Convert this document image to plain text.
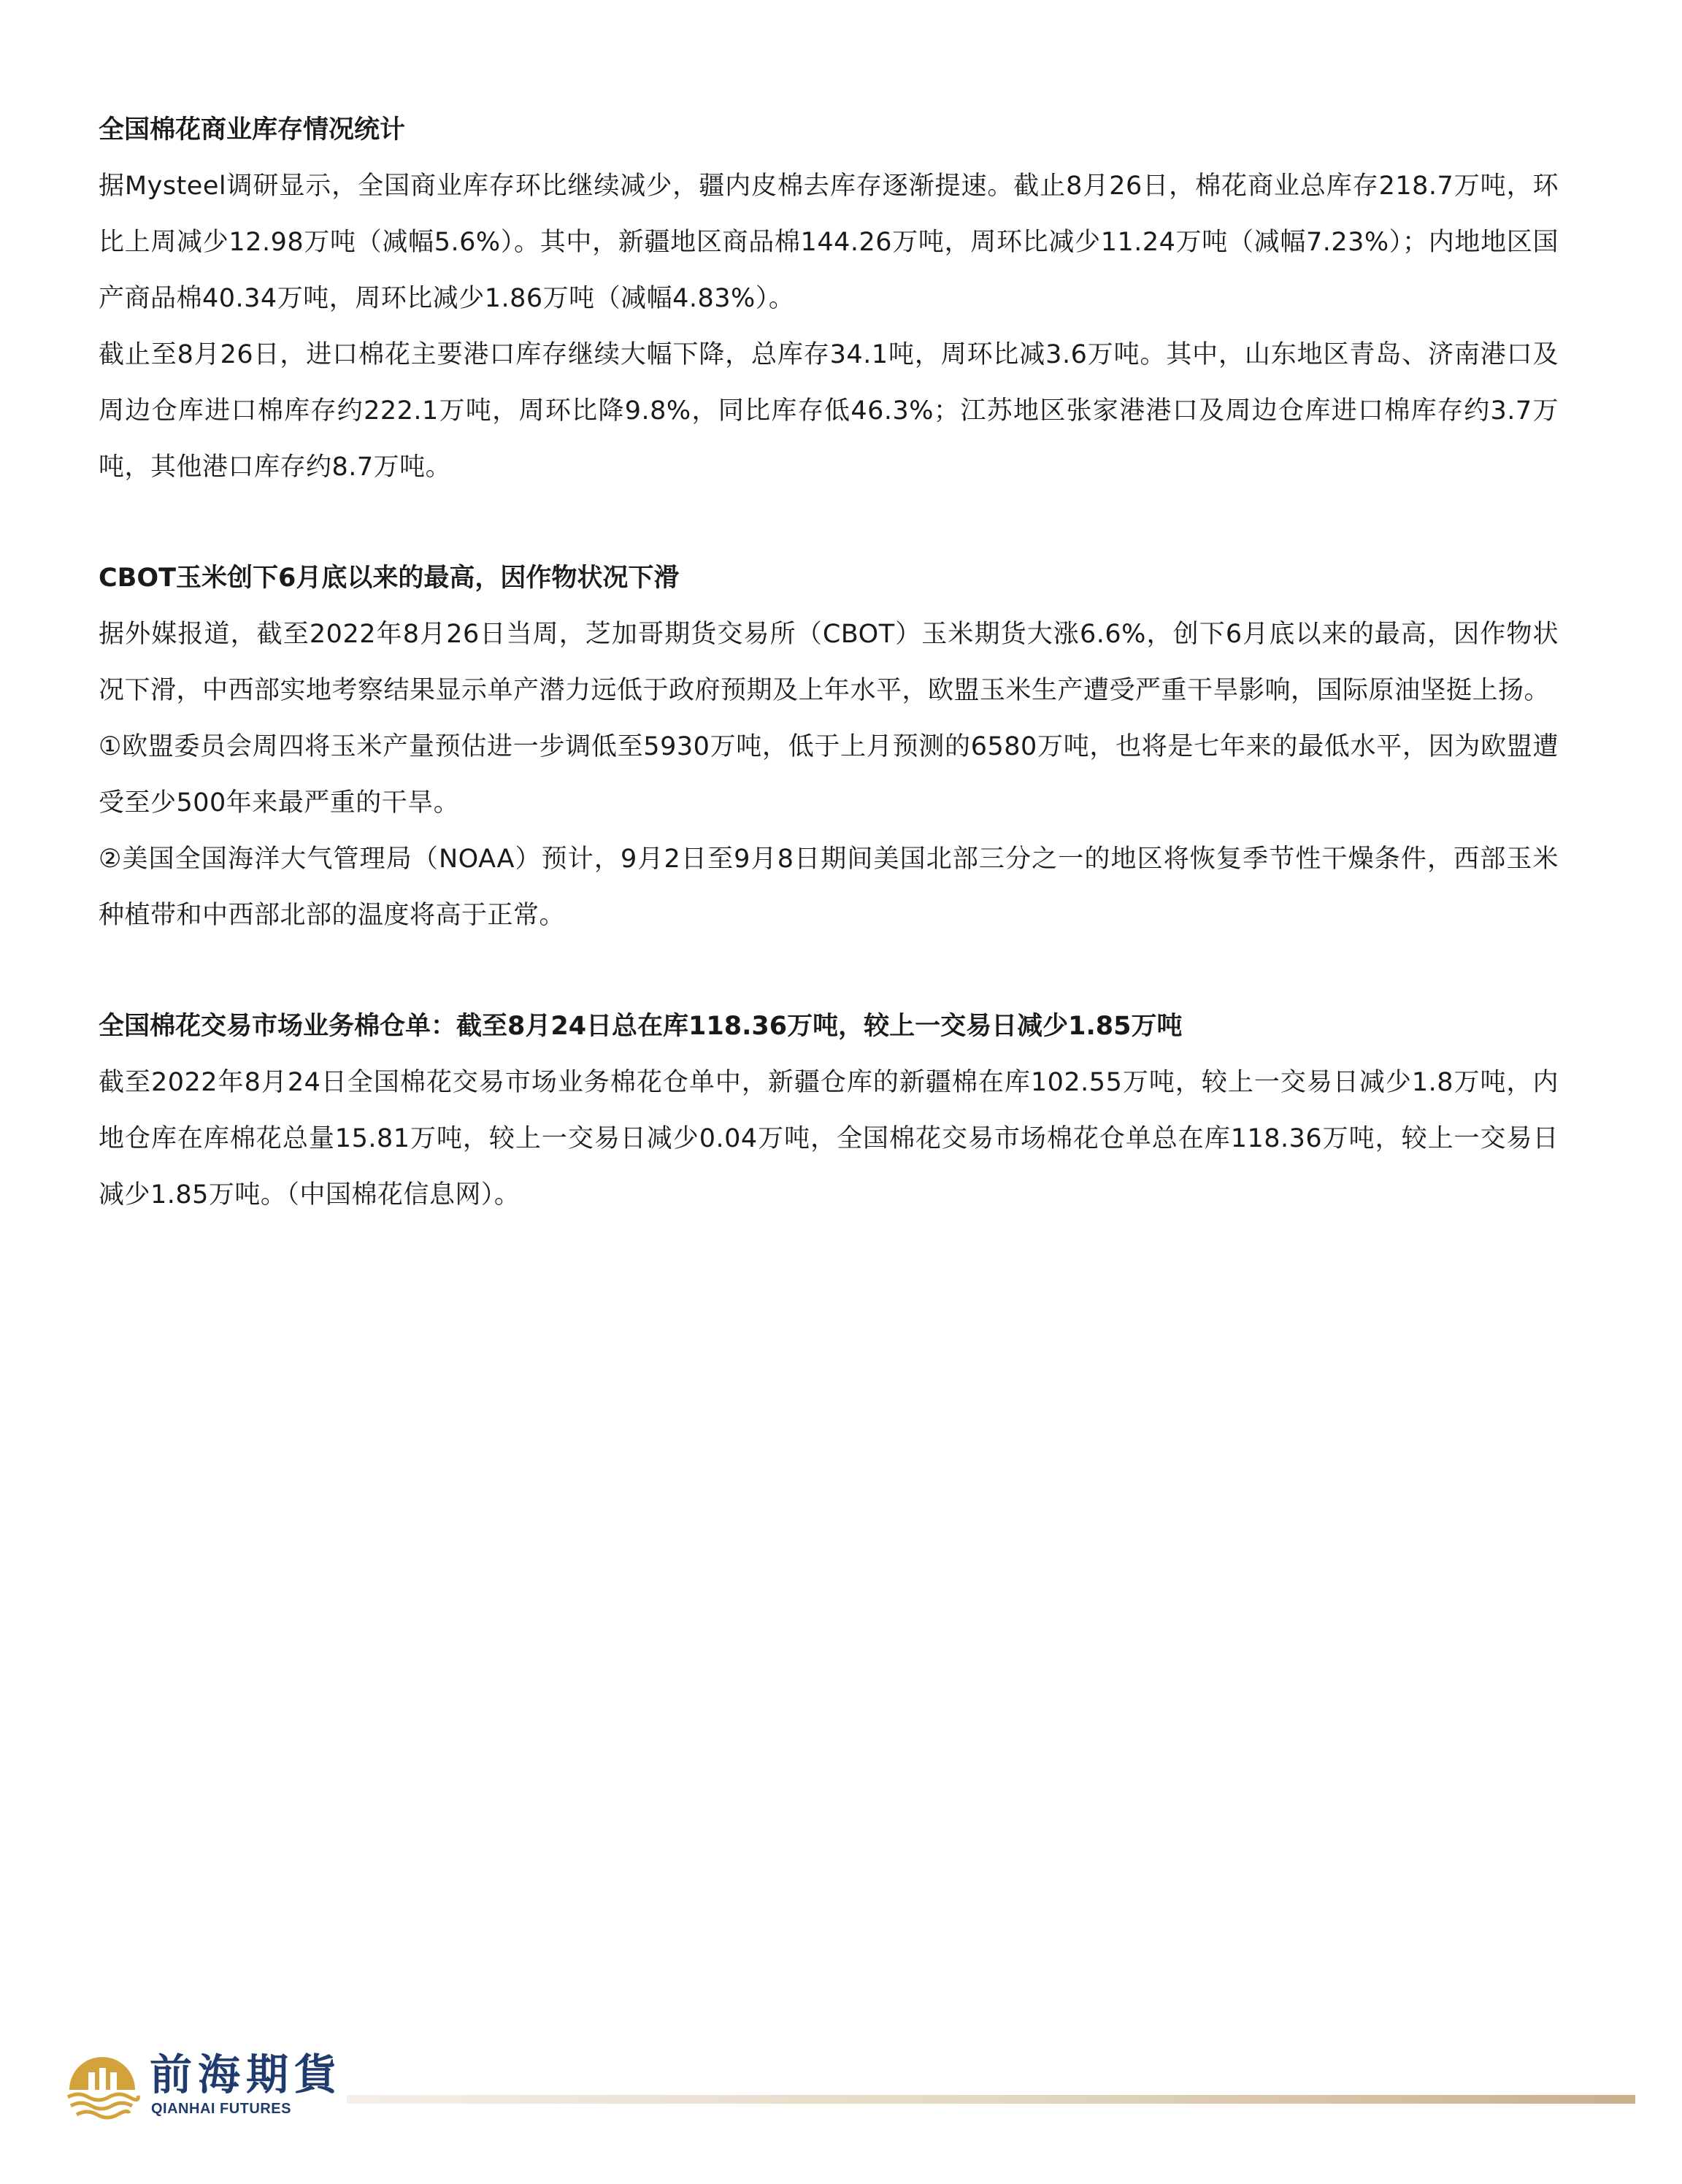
全国棉花商业库存情况统计

据Mysteel调研显示，全国商业库存环比继续减少，疆内皮棉去库存逐渐提速。截止8月26日，棉花商业总库存218.7万吨，环比上周减少12.98万吨（减幅5.6%）。其中，新疆地区商品棉144.26万吨，周环比减少11.24万吨（减幅7.23%）；内地地区国产商品棉40.34万吨，周环比减少1.86万吨（减幅4.83%）。

截止至8月26日，进口棉花主要港口库存继续大幅下降，总库存34.1吨，周环比减3.6万吨。其中，山东地区青岛、济南港口及周边仓库进口棉库存约222.1万吨，周环比降9.8%，同比库存低46.3%；江苏地区张家港港口及周边仓库进口棉库存约3.7万吨，其他港口库存约8.7万吨。

CBOT玉米创下6月底以来的最高，因作物状况下滑

据外媒报道，截至2022年8月26日当周，芝加哥期货交易所（CBOT）玉米期货大涨6.6%，创下6月底以来的最高，因作物状况下滑，中西部实地考察结果显示单产潜力远低于政府预期及上年水平，欧盟玉米生产遭受严重干旱影响，国际原油坚挺上扬。

①欧盟委员会周四将玉米产量预估进一步调低至5930万吨，低于上月预测的6580万吨，也将是七年来的最低水平，因为欧盟遭受至少500年来最严重的干旱。

②美国全国海洋大气管理局（NOAA）预计，9月2日至9月8日期间美国北部三分之一的地区将恢复季节性干燥条件，西部玉米种植带和中西部北部的温度将高于正常。

全国棉花交易市场业务棉仓单：截至8月24日总在库118.36万吨，较上一交易日减少1.85万吨

截至2022年8月24日全国棉花交易市场业务棉花仓单中，新疆仓库的新疆棉在库102.55万吨，较上一交易日减少1.8万吨，内地仓库在库棉花总量15.81万吨，较上一交易日减少0.04万吨，全国棉花交易市场棉花仓单总在库118.36万吨，较上一交易日减少1.85万吨。（中国棉花信息网）。

前海期貨
QIANHAI FUTURES
